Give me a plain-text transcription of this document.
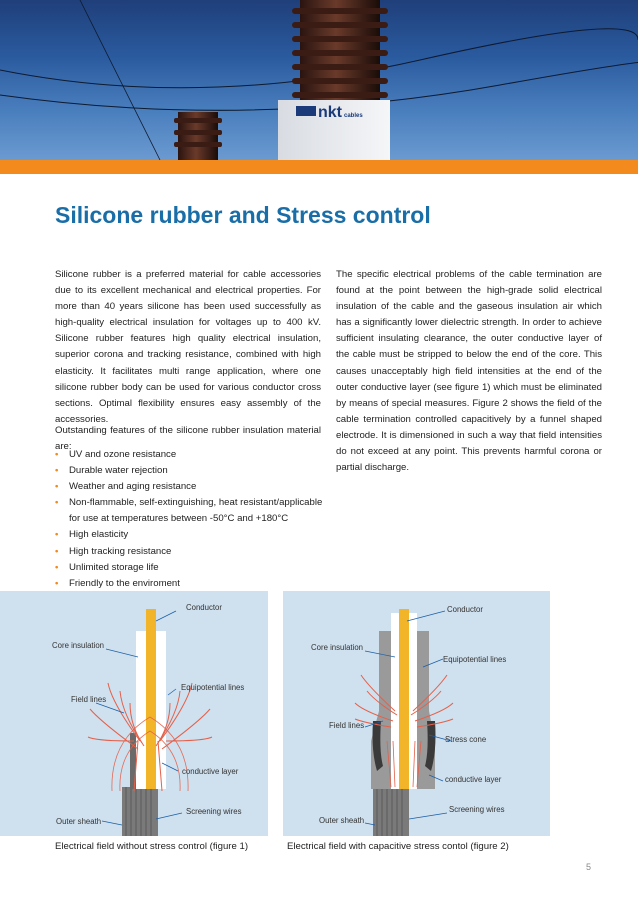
nkt cables
Silicone rubber and Stress control

Silicone rubber is a preferred material for cable accessories due to its excellent mechanical and electrical properties. For more than 40 years silicone has been used successfully as high-quality electrical insulation for voltages up to 400 kV. Silicone rubber features high quality electrical insulation, superior corona and tracking resistance, combined with high elasticity. It facilitates multi range application, where one silicone rubber body can be used for various conductor cross sections. Optimal flexibility ensures easy assembly of the accessories.

The specific electrical problems of the cable termination are found at the point between the high-grade solid electrical insulation of the cable and the gaseous insulation air which has a significantly lower dielectric strength. In order to achieve sufficient insulating clearance, the outer conductive layer of the cable must be stripped to below the end of the core. This causes unacceptably high field intensities at the end of the outer conductive layer (see figure 1) which must be eliminated by means of special measures. Figure 2 shows the field of the cable termination controlled capacitively by a funnel shaped electrode. It is dimensioned in such a way that field intensities do not exceed at any point. This prevents harmful corona or partial discharge.

Outstanding features of the silicone rubber insulation material are:

• UV and ozone resistance
• Durable water rejection
• Weather and aging resistance
• Non-flammable, self-extinguishing, heat resistant/applicable
for use at temperatures between -50°C and +180°C
• High elasticity
• High tracking resistance
• Unlimited storage life
• Friendly to the enviroment
Conductor
Core insulation
Equipotential lines
Field lines
conductive layer
Screening wires
Outer sheath
Conductor
Core insulation
Equipotential lines
Field lines
Stress cone
conductive layer
Screening wires
Outer sheath
Electrical field without stress control (figure 1)	Electrical field with capacitive stress contol (figure 2)
5
